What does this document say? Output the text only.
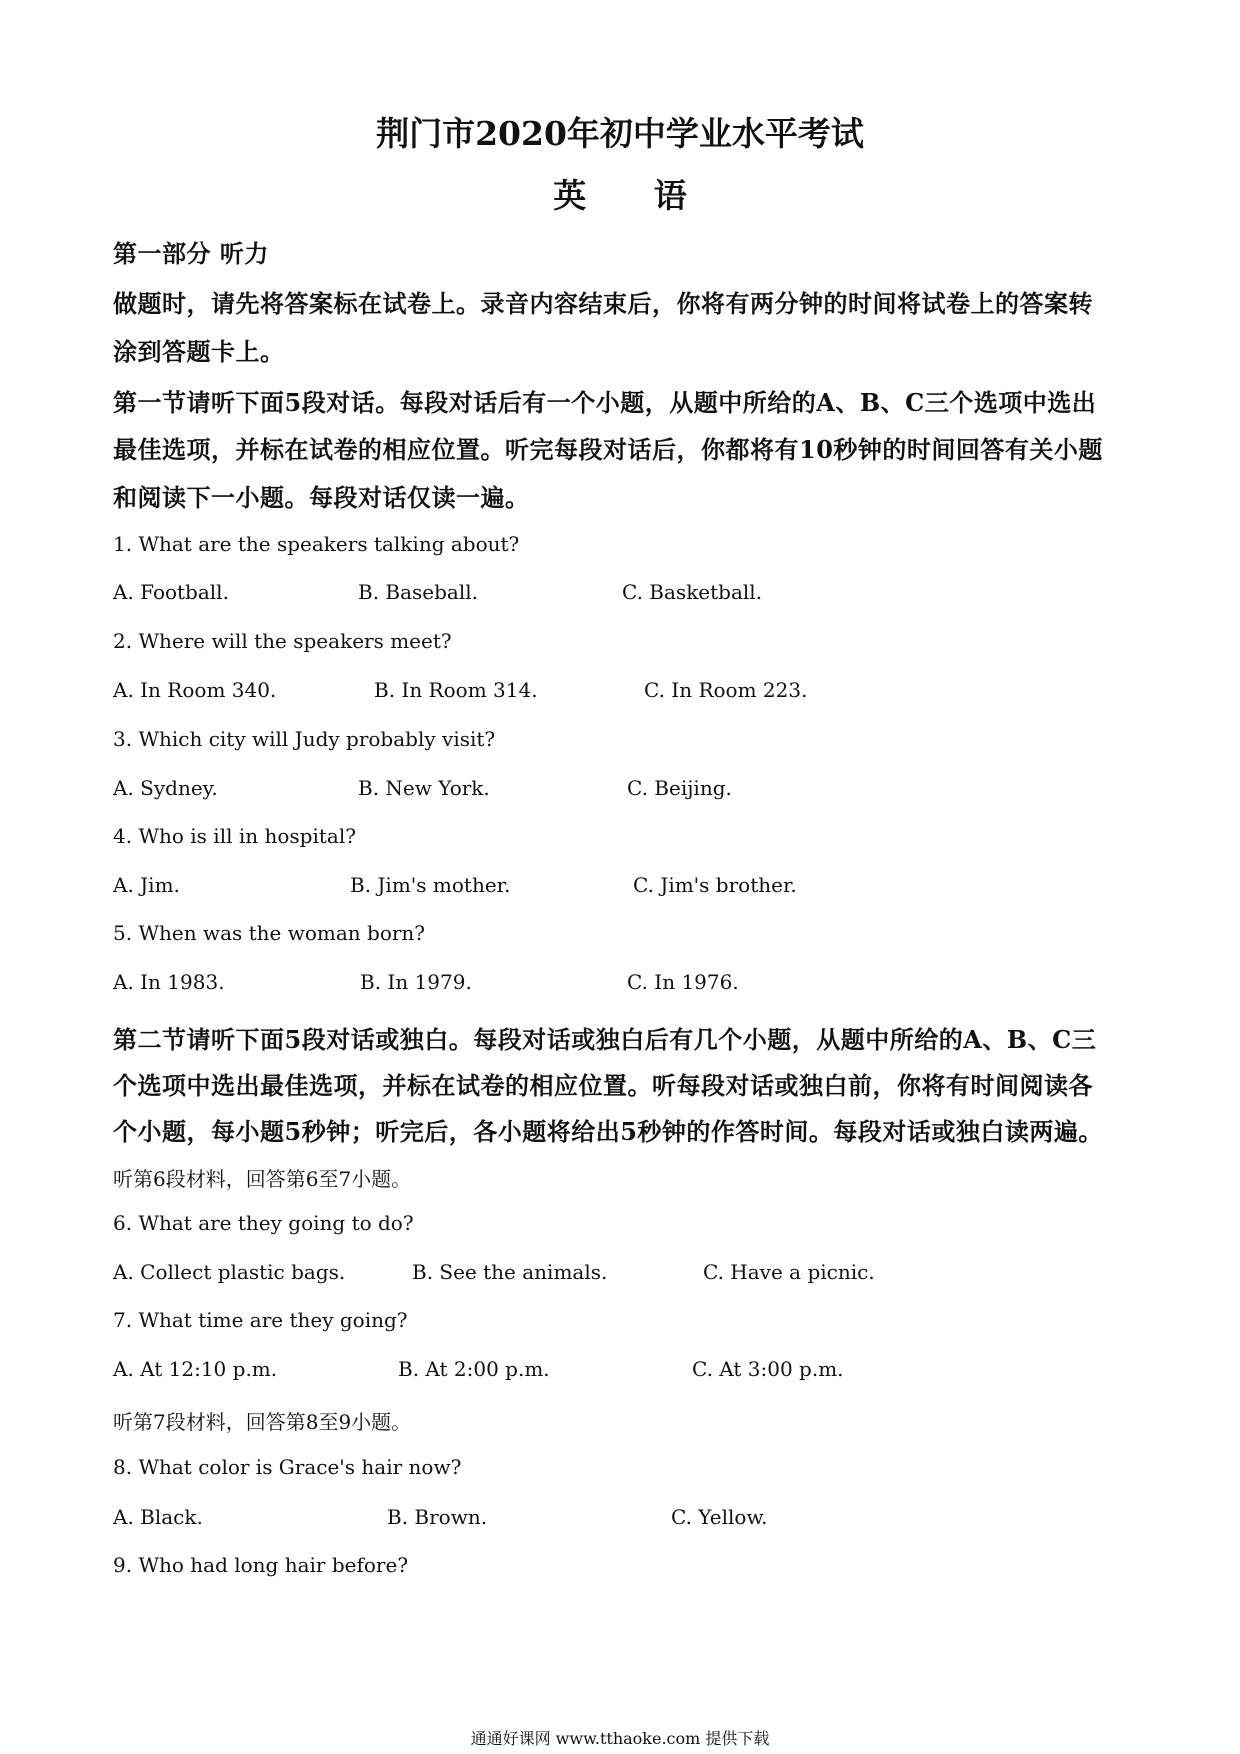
荆门市2020年初中学业水平考试
英 语
第一部分 听力
做题时，请先将答案标在试卷上。录音内容结束后，你将有两分钟的时间将试卷上的答案转
涂到答题卡上。
第一节请听下面5段对话。每段对话后有一个小题，从题中所给的A、B、C三个选项中选出
最佳选项，并标在试卷的相应位置。听完每段对话后，你都将有10秒钟的时间回答有关小题
和阅读下一小题。每段对话仅读一遍。
1. What are the speakers talking about?
A. Football.	B. Baseball.	C. Basketball.
2. Where will the speakers meet?
A. In Room 340.	B. In Room 314.	C. In Room 223.
3. Which city will Judy probably visit?
A. Sydney.	B. New York.	C. Beijing.
4. Who is ill in hospital?
A. Jim.	B. Jim's mother.	C. Jim's brother.
5. When was the woman born?
A. In 1983.	B. In 1979.	C. In 1976.
第二节请听下面5段对话或独白。每段对话或独白后有几个小题，从题中所给的A、B、C三
个选项中选出最佳选项，并标在试卷的相应位置。听每段对话或独白前，你将有时间阅读各
个小题，每小题5秒钟；听完后，各小题将给出5秒钟的作答时间。每段对话或独白读两遍。
听第6段材料，回答第6至7小题。
6. What are they going to do?
A. Collect plastic bags.	B. See the animals.	C. Have a picnic.
7. What time are they going?
A. At 12:10 p.m.	B. At 2:00 p.m.	C. At 3:00 p.m.
听第7段材料，回答第8至9小题。
8. What color is Grace's hair now?
A. Black.	B. Brown.	C. Yellow.
9. Who had long hair before?
通通好课网 www.tthaoke.com 提供下载
